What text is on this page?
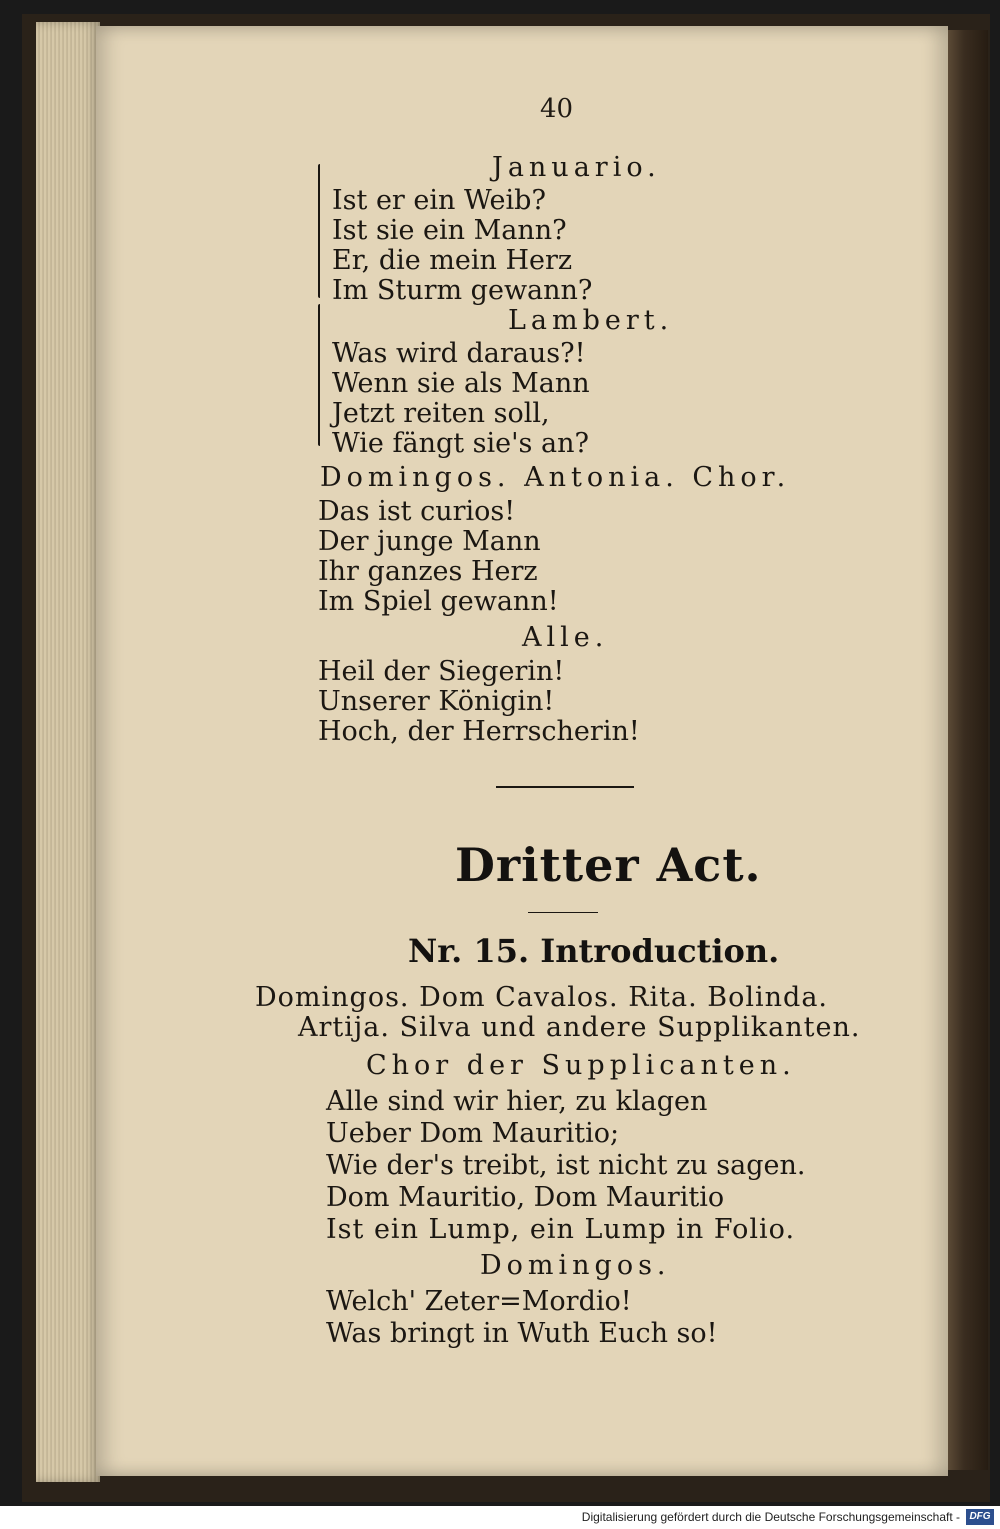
40
Januario.
Ist er ein Weib?
Ist sie ein Mann?
Er, die mein Herz
Im Sturm gewann?
Lambert.
Was wird daraus?!
Wenn sie als Mann
Jetzt reiten soll,
Wie fängt sie's an?
Domingos. Antonia. Chor.
Das ist curios!
Der junge Mann
Ihr ganzes Herz
Im Spiel gewann!
Alle.
Heil der Siegerin!
Unserer Königin!
Hoch, der Herrscherin!
Dritter Act.
Nr. 15. Introduction.
Domingos. Dom Cavalos. Rita. Bolinda.
Artija. Silva und andere Supplikanten.
Chor der Supplicanten.
Alle sind wir hier, zu klagen
Ueber Dom Mauritio;
Wie der's treibt, ist nicht zu sagen.
Dom Mauritio, Dom Mauritio
Ist ein Lump, ein Lump in Folio.
Domingos.
Welch' Zeter=Mordio!
Was bringt in Wuth Euch so!
Digitalisierung gefördert durch die Deutsche Forschungsgemeinschaft - DFG
